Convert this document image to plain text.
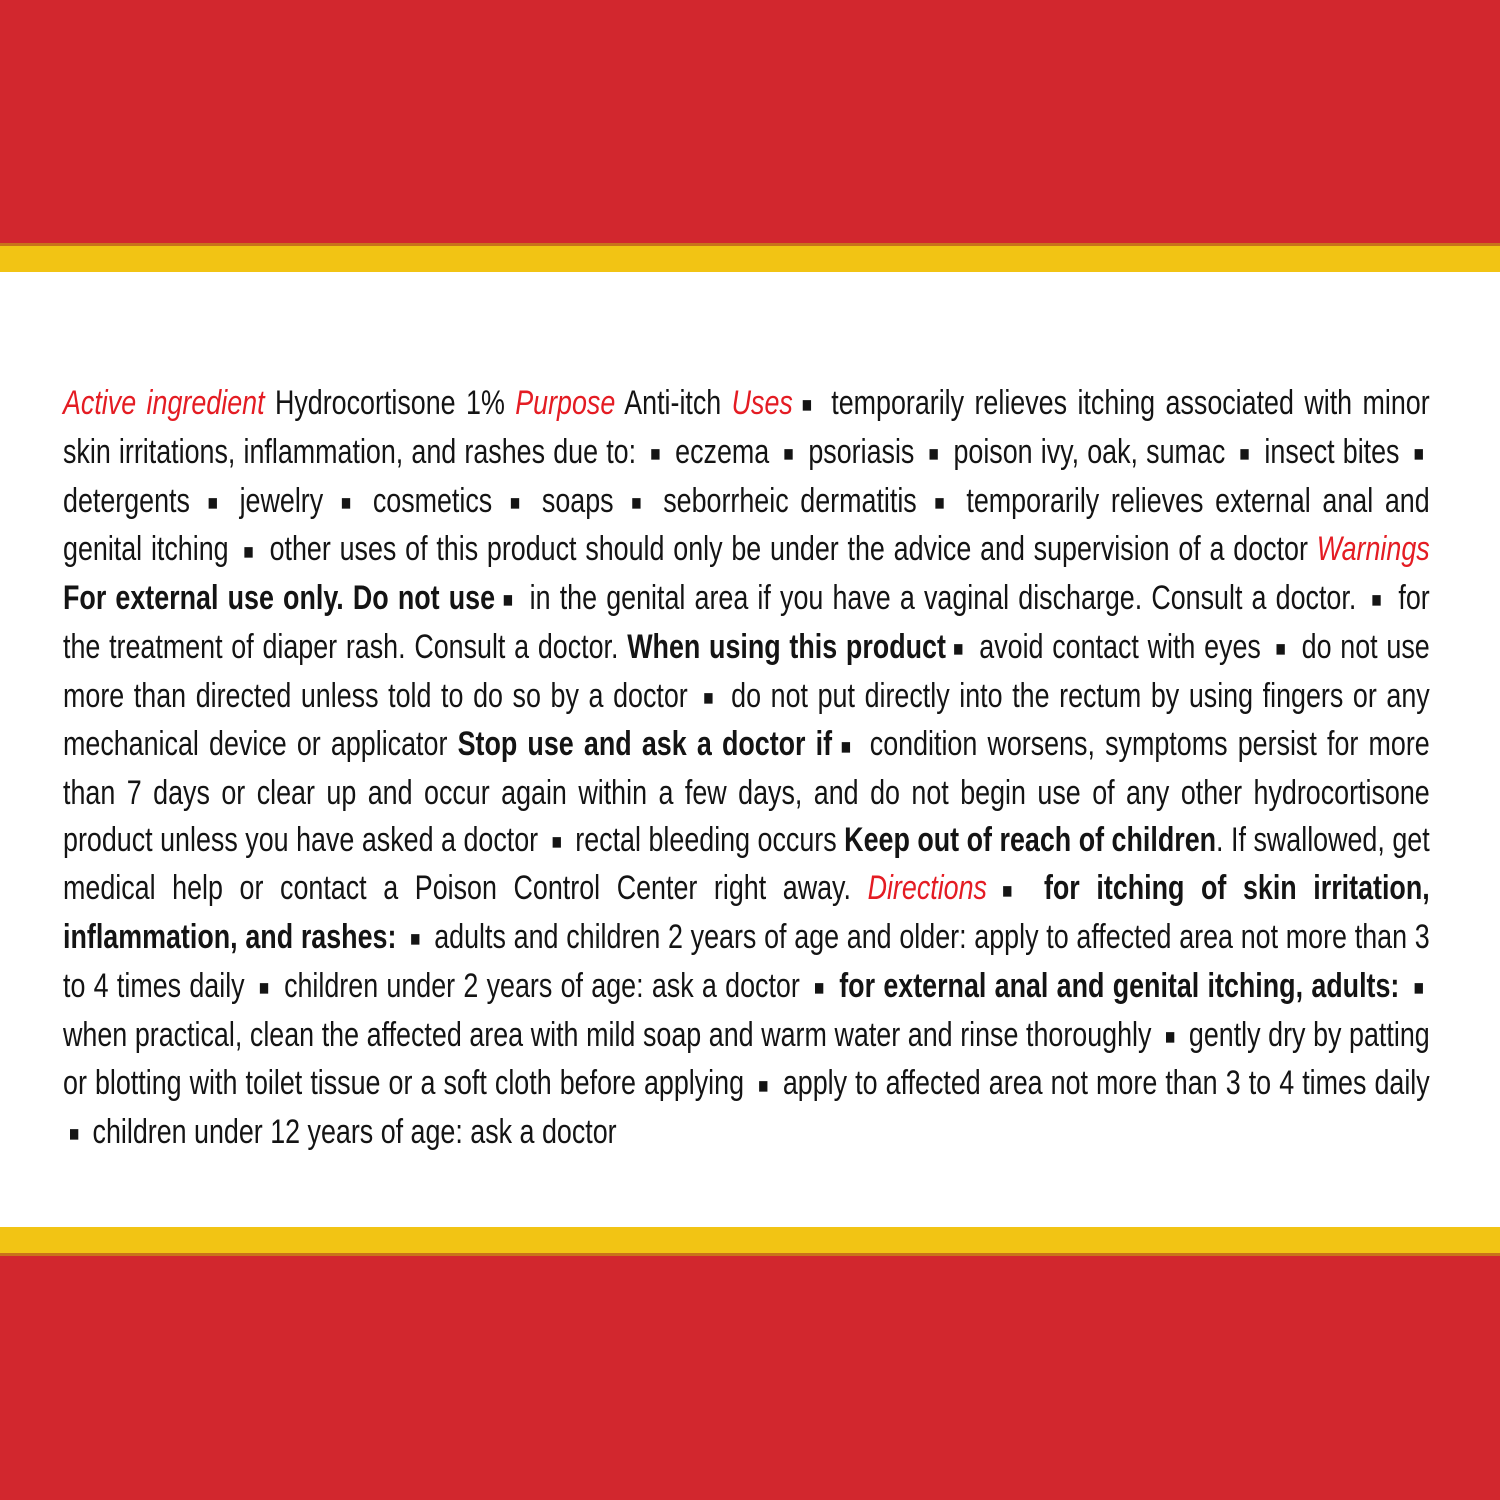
Active ingredient Hydrocortisone 1% Purpose Anti-itch Uses ■ temporarily relieves itching associated with minor skin irritations, inflammation, and rashes due to: ■ eczema ■ psoriasis ■ poison ivy, oak, sumac ■ insect bites ■ detergents ■ jewelry ■ cosmetics ■ soaps ■ seborrheic dermatitis ■ temporarily relieves external anal and genital itching ■ other uses of this product should only be under the advice and supervision of a doctor Warnings For external use only. Do not use ■ in the genital area if you have a vaginal discharge. Consult a doctor. ■ for the treatment of diaper rash. Consult a doctor. When using this product ■ avoid contact with eyes ■ do not use more than directed unless told to do so by a doctor ■ do not put directly into the rectum by using fingers or any mechanical device or applicator Stop use and ask a doctor if ■ condition worsens, symptoms persist for more than 7 days or clear up and occur again within a few days, and do not begin use of any other hydrocortisone product unless you have asked a doctor ■ rectal bleeding occurs Keep out of reach of children. If swallowed, get medical help or contact a Poison Control Center right away. Directions ■ for itching of skin irritation, inflammation, and rashes: ■ adults and children 2 years of age and older: apply to affected area not more than 3 to 4 times daily ■ children under 2 years of age: ask a doctor ■ for external anal and genital itching, adults: ■ when practical, clean the affected area with mild soap and warm water and rinse thoroughly ■ gently dry by patting or blotting with toilet tissue or a soft cloth before applying ■ apply to affected area not more than 3 to 4 times daily ■ children under 12 years of age: ask a doctor
